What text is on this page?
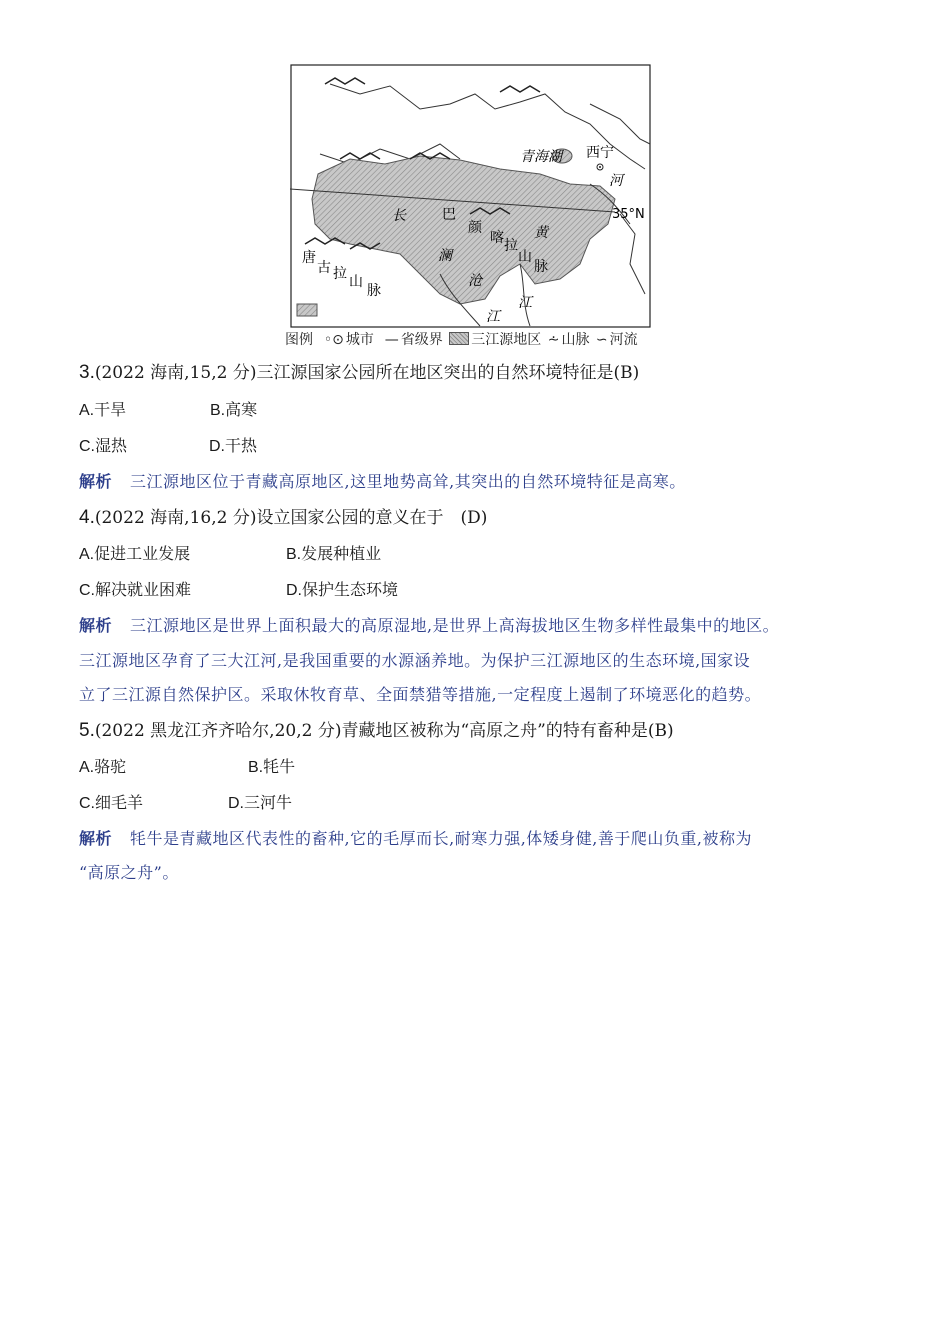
青海湖 西宁
河
35°N
长	巴
颜
喀 拉
黄
山
脉
澜
沧
江
江
唐
古 拉 山
脉
图例  ◦⊙ 城市  — 省级界 三江源地区 ⩪ 山脉 ∽ 河流
3.(2022 海南,15,2 分)三江源国家公园所在地区突出的自然环境特征是(B)
A.干旱	B.高寒
C.湿热	D.干热
解析 三江源地区位于青藏高原地区,这里地势高耸,其突出的自然环境特征是高寒。
4.(2022 海南,16,2 分)设立国家公园的意义在于　(D)
A.促进工业发展	B.发展种植业
C.解决就业困难	D.保护生态环境
解析 三江源地区是世界上面积最大的高原湿地,是世界上高海拔地区生物多样性最集中的地区。
三江源地区孕育了三大江河,是我国重要的水源涵养地。为保护三江源地区的生态环境,国家设
立了三江源自然保护区。采取休牧育草、全面禁猎等措施,一定程度上遏制了环境恶化的趋势。
5.(2022 黑龙江齐齐哈尔,20,2 分)青藏地区被称为“高原之舟”的特有畜种是(B)
A.骆驼	B.牦牛
C.细毛羊	D.三河牛
解析 牦牛是青藏地区代表性的畜种,它的毛厚而长,耐寒力强,体矮身健,善于爬山负重,被称为
“高原之舟”。
